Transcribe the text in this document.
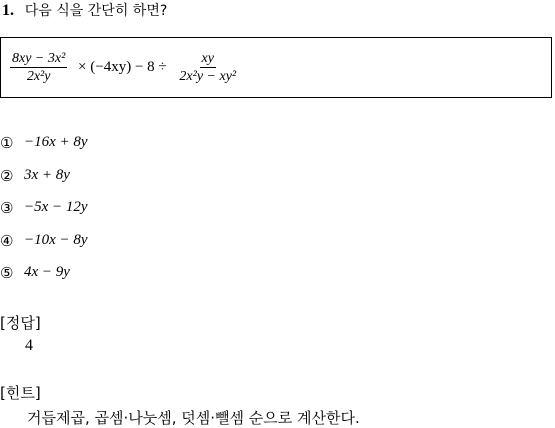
1. 다음 식을 간단히 하면?
$\frac{\text{8xy − 3x²}}{\text{2x²y}} \times (-4xy) - 8 \div \frac{xy}{\text{2x²y − xy²}}$
① −16x + 8y
② 3x + 8y
③ −5x − 12y
④ −10x − 8y
⑤ 4x − 9y
[정답]
4
[힌트]
거듭제곱, 곱셈·나눗셈, 덧셈·뺄셈 순으로 계산한다.
